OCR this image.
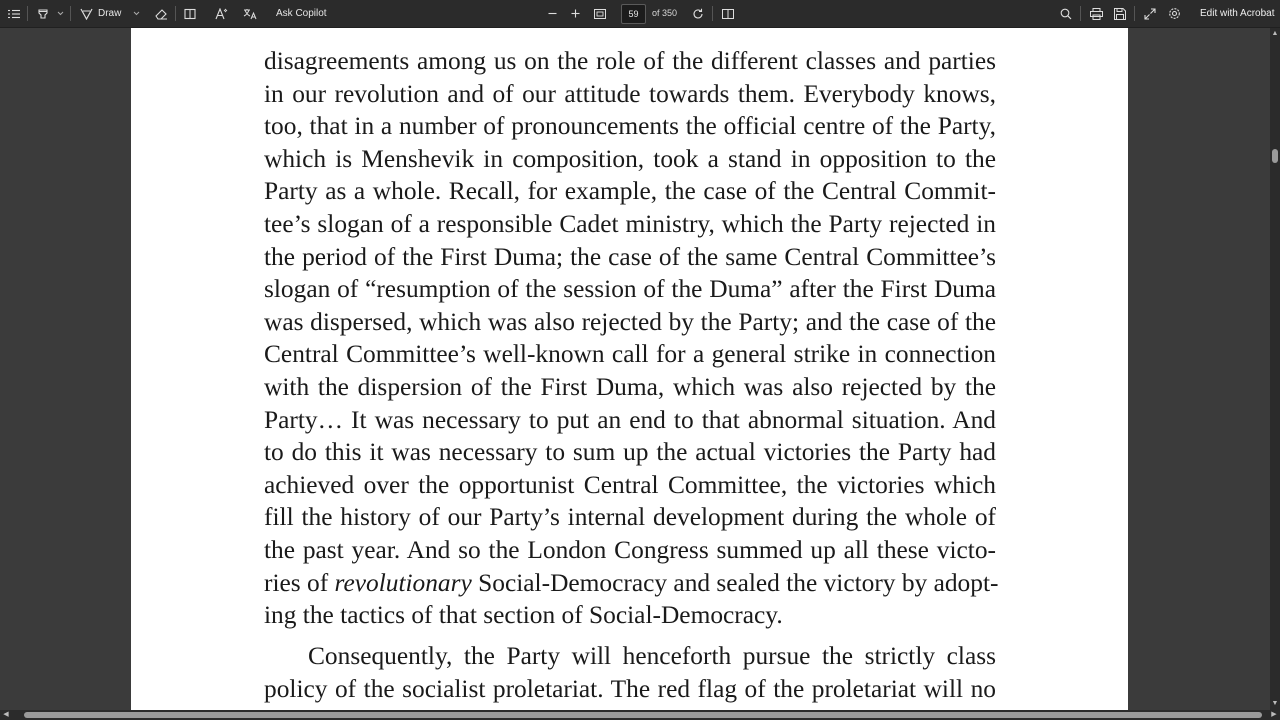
Draw	Ask Copilot
59	of 350	Edit with Acrobat
disagreements among us on the role of the different classes and parties
in our revolution and of our attitude towards them. Everybody knows,
too, that in a number of pronouncements the official centre of the Party,
which is Menshevik in composition, took a stand in opposition to the
Party as a whole. Recall, for example, the case of the Central Commit-
tee’s slogan of a responsible Cadet ministry, which the Party rejected in
the period of the First Duma; the case of the same Central Committee’s
slogan of “resumption of the session of the Duma” after the First Duma
was dispersed, which was also rejected by the Party; and the case of the
Central Committee’s well-known call for a general strike in connection
with the dispersion of the First Duma, which was also rejected by the
Party… It was necessary to put an end to that abnormal situation. And
to do this it was necessary to sum up the actual victories the Party had
achieved over the opportunist Central Committee, the victories which
fill the history of our Party’s internal development during the whole of
the past year. And so the London Congress summed up all these victo-
ries of revolutionary Social-Democracy and sealed the victory by adopt-
ing the tactics of that section of Social-Democracy.
Consequently, the Party will henceforth pursue the strictly class
policy of the socialist proletariat. The red flag of the proletariat will no
▲
▼
◀	▶
